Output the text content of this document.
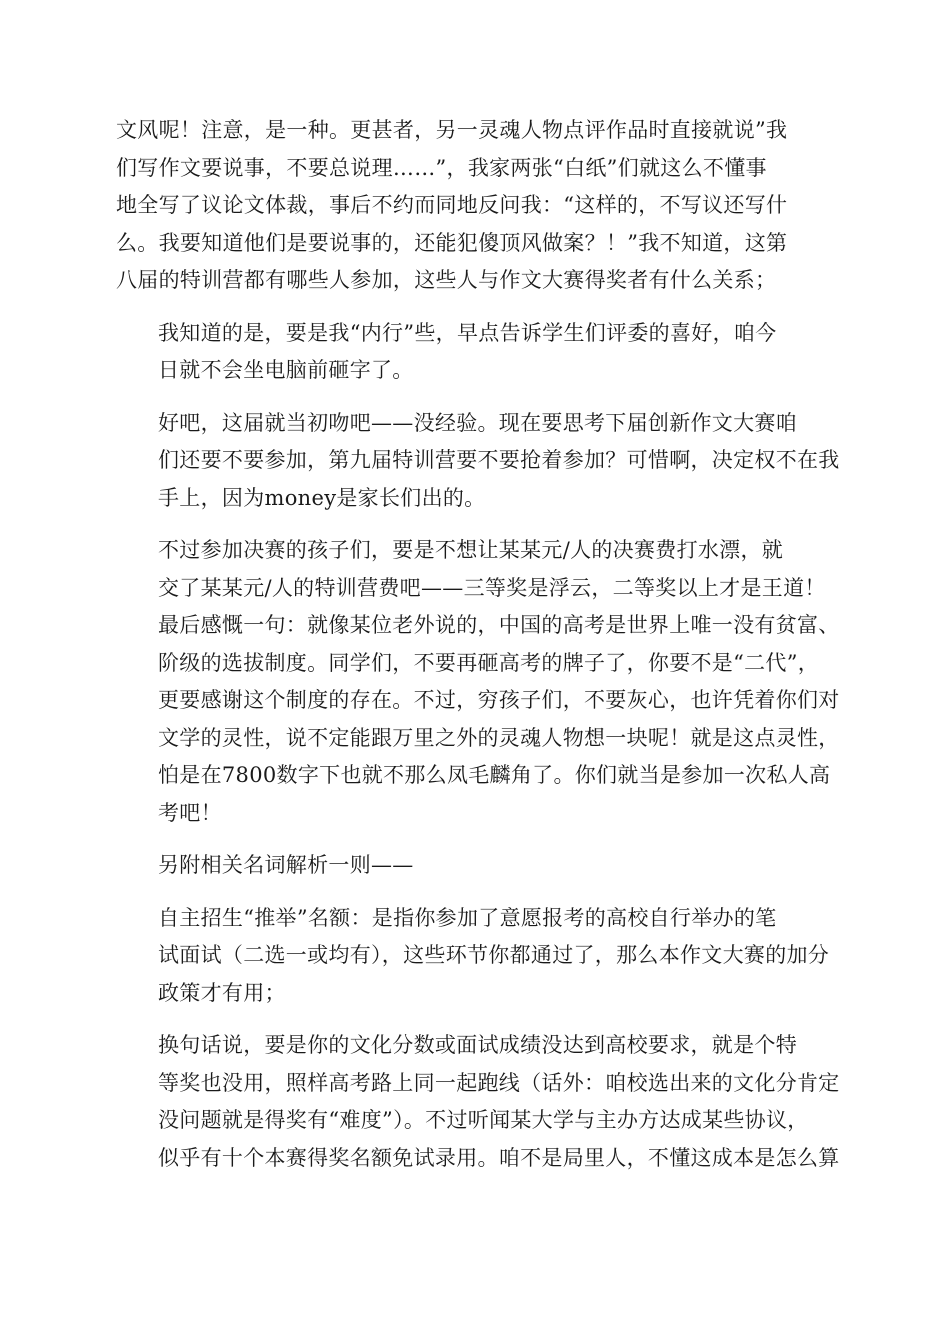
文风呢！注意，是一种。更甚者，另一灵魂人物点评作品时直接就说”我
们写作文要说事，不要总说理……”，我家两张“白纸”们就这么不懂事
地全写了议论文体裁，事后不约而同地反问我：“这样的，不写议还写什
么。我要知道他们是要说事的，还能犯傻顶风做案？！”我不知道，这第
八届的特训营都有哪些人参加，这些人与作文大赛得奖者有什么关系；
我知道的是，要是我“内行”些，早点告诉学生们评委的喜好，咱今
日就不会坐电脑前砸字了。
好吧，这届就当初吻吧——没经验。现在要思考下届创新作文大赛咱
们还要不要参加，第九届特训营要不要抢着参加？可惜啊，决定权不在我
手上，因为money是家长们出的。
不过参加决赛的孩子们，要是不想让某某元/人的决赛费打水漂，就
交了某某元/人的特训营费吧——三等奖是浮云，二等奖以上才是王道！
最后感慨一句：就像某位老外说的，中国的高考是世界上唯一没有贫富、
阶级的选拔制度。同学们，不要再砸高考的牌子了，你要不是“二代”，
更要感谢这个制度的存在。不过，穷孩子们，不要灰心，也许凭着你们对
文学的灵性，说不定能跟万里之外的灵魂人物想一块呢！就是这点灵性，
怕是在7800数字下也就不那么凤毛麟角了。你们就当是参加一次私人高
考吧！
另附相关名词解析一则——
自主招生“推举”名额：是指你参加了意愿报考的高校自行举办的笔
试面试（二选一或均有），这些环节你都通过了，那么本作文大赛的加分
政策才有用；
换句话说，要是你的文化分数或面试成绩没达到高校要求，就是个特
等奖也没用，照样高考路上同一起跑线（话外：咱校选出来的文化分肯定
没问题就是得奖有“难度”）。不过听闻某大学与主办方达成某些协议，
似乎有十个本赛得奖名额免试录用。咱不是局里人，不懂这成本是怎么算
